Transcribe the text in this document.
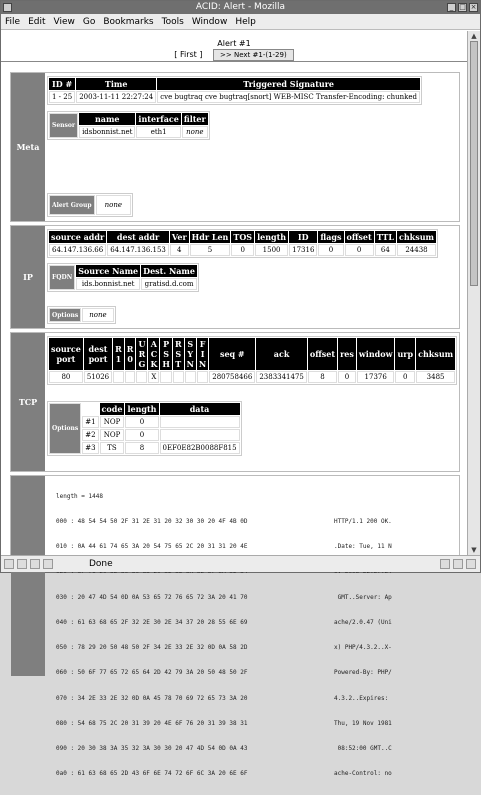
ACID: Alert - Mozilla	_ □ ×
File Edit View Go Bookmarks Tools Window Help
Alert #1
[ First ]	>> Next #1-(1-29)
Meta
ID #	Time	Triggered Signature
1 - 25	2003-11-11 22:27:24	cve bugtraq cve bugtraq[snort] WEB-MISC Transfer-Encoding: chunked
Sensor	name	interface	filter
	idsbonnist.net	eth1	none
Alert Group	none
IP
source addr	dest addr	Ver	Hdr Len	TOS	length	ID	flags	offset	TTL	chksum
64.147.136.66	64.147.136.153	4	5	0	1500	17316	0	0	64	24438
FQDN	Source Name	Dest. Name
	ids.bonnist.net	gratisd.d.com
Options	none
TCP
source port	dest port	R 1	R 0	U R G	A C K	P S H	R S T	S Y N	F I N	seq #	ack	offset	res	window	urp	chksum
80	51026				X					280758466	2383341475	8	0	17376	0	3485
Options		code	length	data
	#1	NOP	0	
	#2	NOP	0	
	#3	TS	8	0EF0E82B0088F815

length = 1448

000 : 48 54 54 50 2F 31 2E 31 20 32 30 30 20 4F 4B 0D	HTTP/1.1 200 OK.

010 : 0A 44 61 74 65 3A 20 54 75 65 2C 20 31 31 20 4E	.Date: Tue, 11 N

030 : 20 47 4D 54 0D 0A 53 65 72 76 65 72 3A 20 41 70	GMT..Server: Ap

040 : 61 63 68 65 2F 32 2E 30 2E 34 37 20 28 55 6E 69	ache/2.0.47 (Uni

050 : 78 29 20 50 48 50 2F 34 2E 33 2E 32 0D 0A 58 2D	x) PHP/4.3.2..X-

060 : 50 6F 77 65 72 65 64 2D 42 79 3A 20 50 48 50 2F	Powered-By: PHP/

070 : 34 2E 33 2E 32 0D 0A 45 78 70 69 72 65 73 3A 20	4.3.2..Expires:

080 : 54 68 75 2C 20 31 39 20 4E 6F 76 20 31 39 38 31	Thu, 19 Nov 1981

090 : 20 30 38 3A 35 32 3A 30 30 20 47 4D 54 0D 0A 43	08:52:00 GMT..C

0a0 : 61 63 68 65 2D 43 6F 6E 74 72 6F 6C 3A 20 6E 6F	ache-Control: no

▲
▼
Done
